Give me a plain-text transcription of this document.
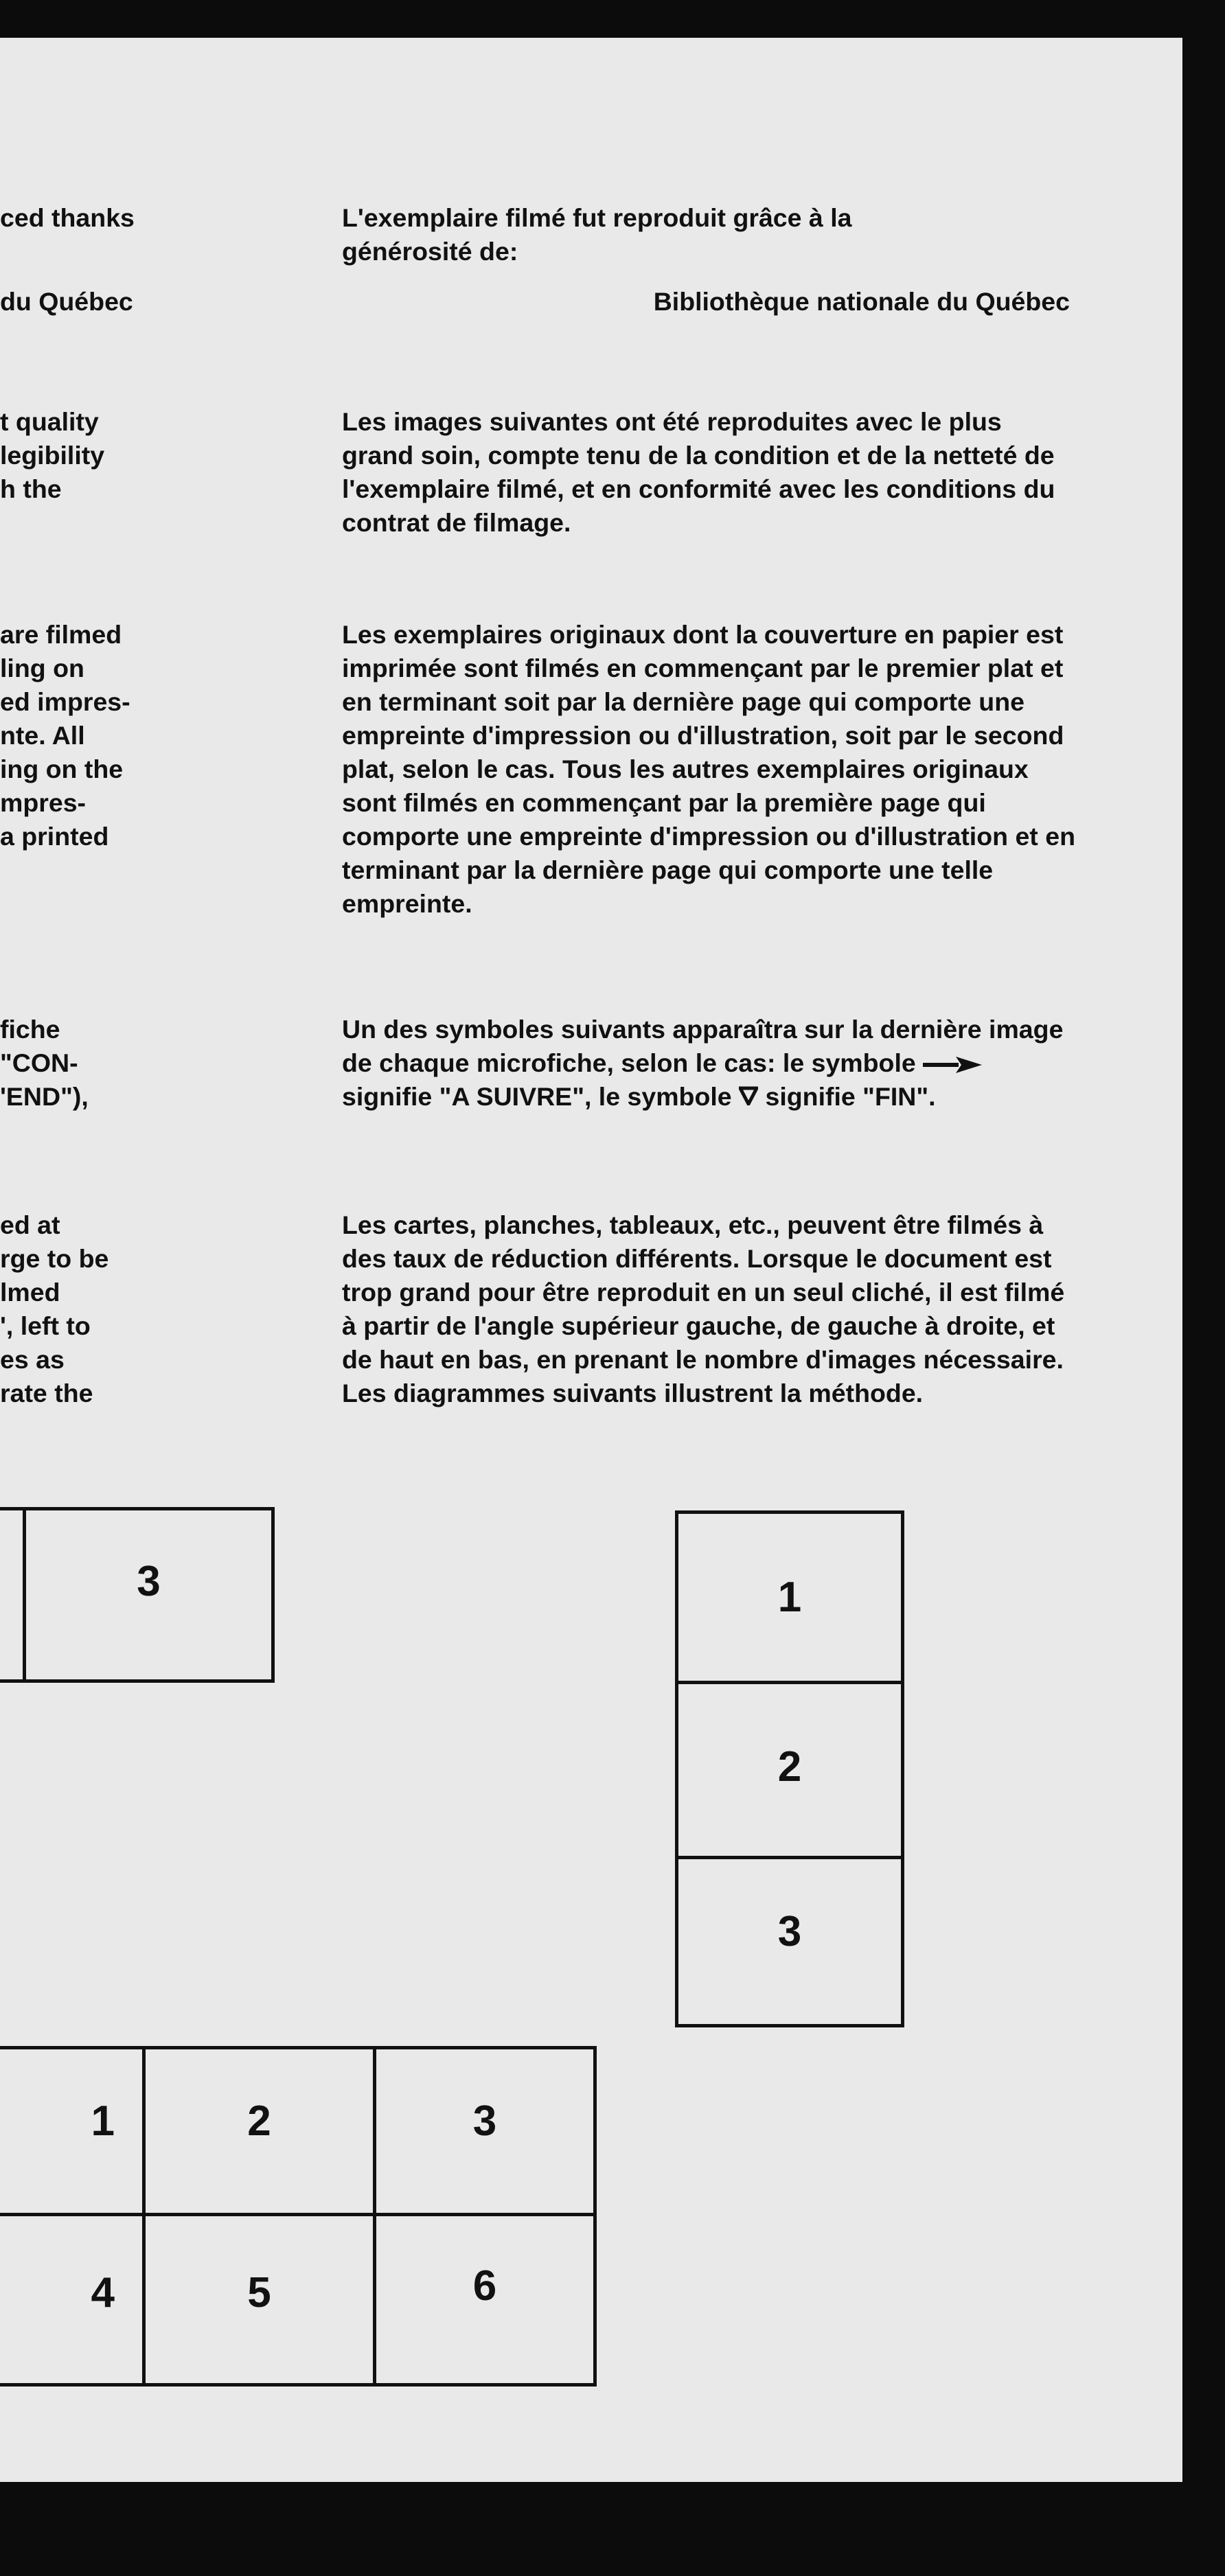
ced thanks

du Québec

t quality

legibility

h the

are filmed

ling on

ed impres-

nte. All

ing on the

mpres-

a printed

fiche

"CON-

'END"),

ed at

rge to be

lmed

', left to

es as

rate the

L'exemplaire filmé fut reproduit grâce à la
générosité de:

Bibliothèque nationale du Québec

Les images suivantes ont été reproduites avec le plus grand soin, compte tenu de la condition et de la netteté de l'exemplaire filmé, et en conformité avec les conditions du contrat de filmage.

Les exemplaires originaux dont la couverture en papier est imprimée sont filmés en commençant par le premier plat et en terminant soit par la dernière page qui comporte une empreinte d'impression ou d'illustration, soit par le second plat, selon le cas. Tous les autres exemplaires originaux sont filmés en commençant par la première page qui comporte une empreinte d'impression ou d'illustration et en terminant par la dernière page qui comporte une telle empreinte.

Un des symboles suivants apparaîtra sur la dernière image de chaque microfiche, selon le cas: le symbole  signifie "A SUIVRE", le symbole signifie "FIN".

Les cartes, planches, tableaux, etc., peuvent être filmés à des taux de réduction différents. Lorsque le document est trop grand pour être reproduit en un seul cliché, il est filmé à partir de l'angle supérieur gauche, de gauche à droite, et de haut en bas, en prenant le nombre d'images nécessaire. Les diagrammes suivants illustrent la méthode.

3	1
2
3
1	2	3
4	5	6
